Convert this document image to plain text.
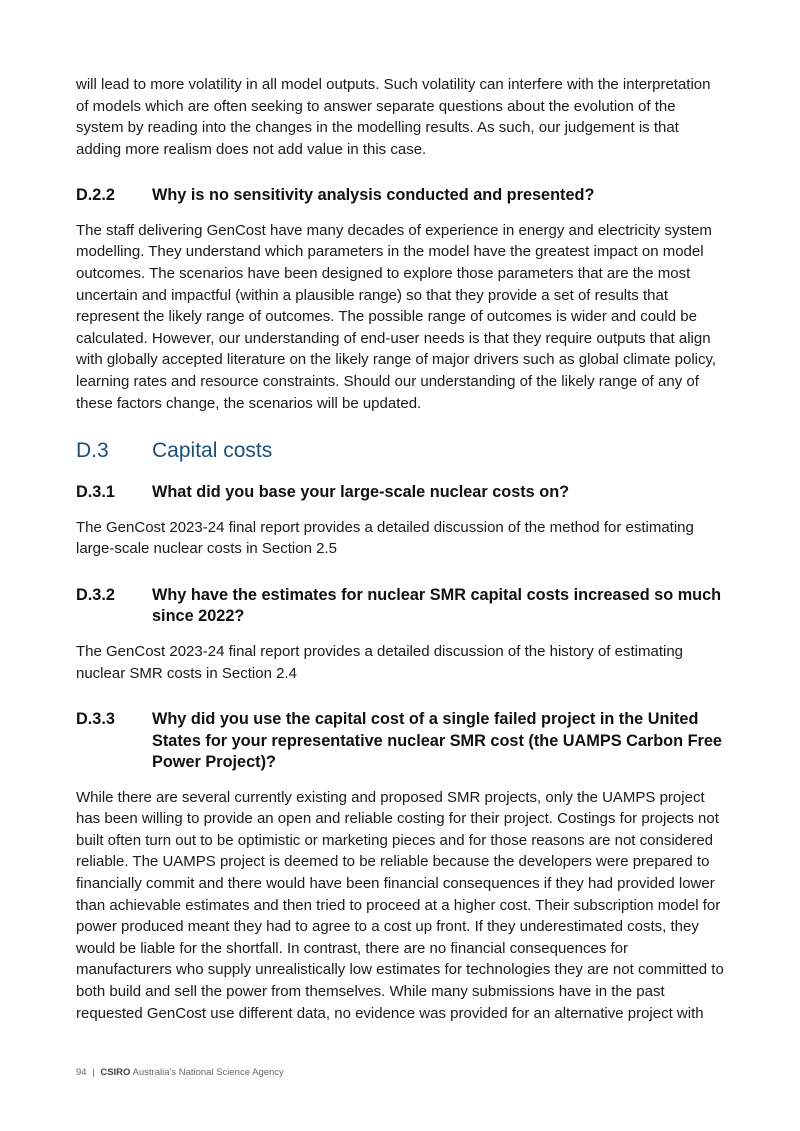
will lead to more volatility in all model outputs. Such volatility can interfere with the interpretation of models which are often seeking to answer separate questions about the evolution of the system by reading into the changes in the modelling results. As such, our judgement is that adding more realism does not add value in this case.

D.2.2	Why is no sensitivity analysis conducted and presented?

The staff delivering GenCost have many decades of experience in energy and electricity system modelling. They understand which parameters in the model have the greatest impact on model outcomes. The scenarios have been designed to explore those parameters that are the most uncertain and impactful (within a plausible range) so that they provide a set of results that represent the likely range of outcomes. The possible range of outcomes is wider and could be calculated. However, our understanding of end-user needs is that they require outputs that align with globally accepted literature on the likely range of major drivers such as global climate policy, learning rates and resource constraints. Should our understanding of the likely range of any of these factors change, the scenarios will be updated.

D.3	Capital costs
D.3.1	What did you base your large-scale nuclear costs on?

The GenCost 2023-24 final report provides a detailed discussion of the method for estimating large-scale nuclear costs in Section 2.5

D.3.2	Why have the estimates for nuclear SMR capital costs increased so much since 2022?

The GenCost 2023-24 final report provides a detailed discussion of the history of estimating nuclear SMR costs in Section 2.4

D.3.3	Why did you use the capital cost of a single failed project in the United States for your representative nuclear SMR cost (the UAMPS Carbon Free Power Project)?

While there are several currently existing and proposed SMR projects, only the UAMPS project has been willing to provide an open and reliable costing for their project. Costings for projects not built often turn out to be optimistic or marketing pieces and for those reasons are not considered reliable. The UAMPS project is deemed to be reliable because the developers were prepared to financially commit and there would have been financial consequences if they had provided lower than achievable estimates and then tried to proceed at a higher cost. Their subscription model for power produced meant they had to agree to a cost up front. If they underestimated costs, they would be liable for the shortfall. In contrast, there are no financial consequences for manufacturers who supply unrealistically low estimates for technologies they are not committed to both build and sell the power from themselves. While many submissions have in the past requested GenCost use different data, no evidence was provided for an alternative project with

94 | CSIRO Australia's National Science Agency
